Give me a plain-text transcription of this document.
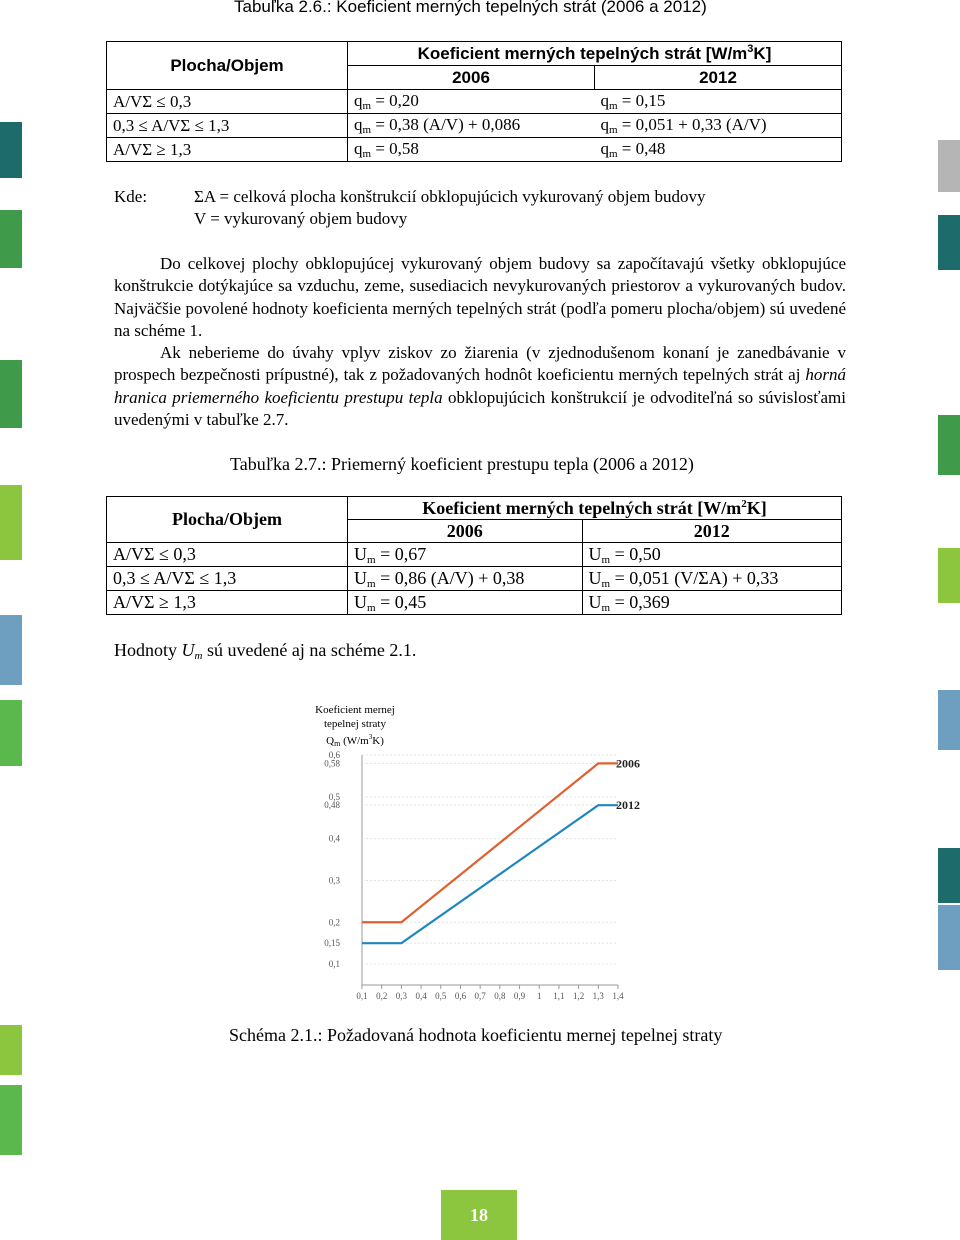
Tabuľka 2.6.: Koeficient merných tepelných strát (2006 a 2012)
Plocha/Objem	Koeficient merných tepelných strát $[W/m^3K]$	
	2006	2012
A/VΣ ≤ 0,3	$q_m = 0,20$	$q_m = 0,15$
0,3 ≤ A/VΣ ≤ 1,3	$q_m = 0,38$ (A/V) + 0,086	$q_m = 0,051 + 0,33$ (A/V)
A/VΣ ≥ 1,3	$q_m = 0,58$	$q_m = 0,48$
Kde:	ΣA = celková plocha konštrukcií obklopujúcich vykurovaný objem budovy
V = vykurovaný objem budovy
Do celkovej plochy obklopujúcej vykurovaný objem budovy sa započítavajú všetky obklopujúce konštrukcie dotýkajúce sa vzduchu, zeme, susediacich nevykurovaných priestorov a vykurovaných budov. Najväčšie povolené hodnoty koeficienta merných tepelných strát (podľa pomeru plocha/objem) sú uvedené na schéme 1.
Ak neberieme do úvahy vplyv ziskov zo žiarenia (v zjednodušenom konaní je zanedbávanie v prospech bezpečnosti prípustné), tak z požadovaných hodnôt koeficientu merných tepelných strát aj horná hranica priemerného koeficientu prestupu tepla obklopujúcich konštrukcií je odvoditeľná so súvislosťami uvedenými v tabuľke 2.7.
Tabuľka 2.7.: Priemerný koeficient prestupu tepla (2006 a 2012)
Plocha/Objem	Koeficient merných tepelných strát $[W/m^2K]$	
	2006	2012
A/VΣ ≤ 0,3	$U_m = 0,67$	$U_m = 0,50$
0,3 ≤ A/VΣ ≤ 1,3	$U_m = 0,86$ (A/V) + 0,38	$U_m = 0,051$ (V/ΣA) + 0,33
A/VΣ ≥ 1,3	$U_m = 0,45$	$U_m = 0,369$
Hodnoty $U_m$ sú uvedené aj na schéme 2.1.
Koeficient mernej
tepelnej straty
Qm $(W/m^3K)$
0,6
0,58
0,5
0,48
0,4
0,3
0,2
0,15
0,1
0,1 0,2 0,3 0,4 0,5 0,6 0,7 0,8 0,9 1 1,1 1,2 1,3 1,4
2006
2012
Schéma 2.1.: Požadovaná hodnota koeficientu mernej tepelnej straty
18
